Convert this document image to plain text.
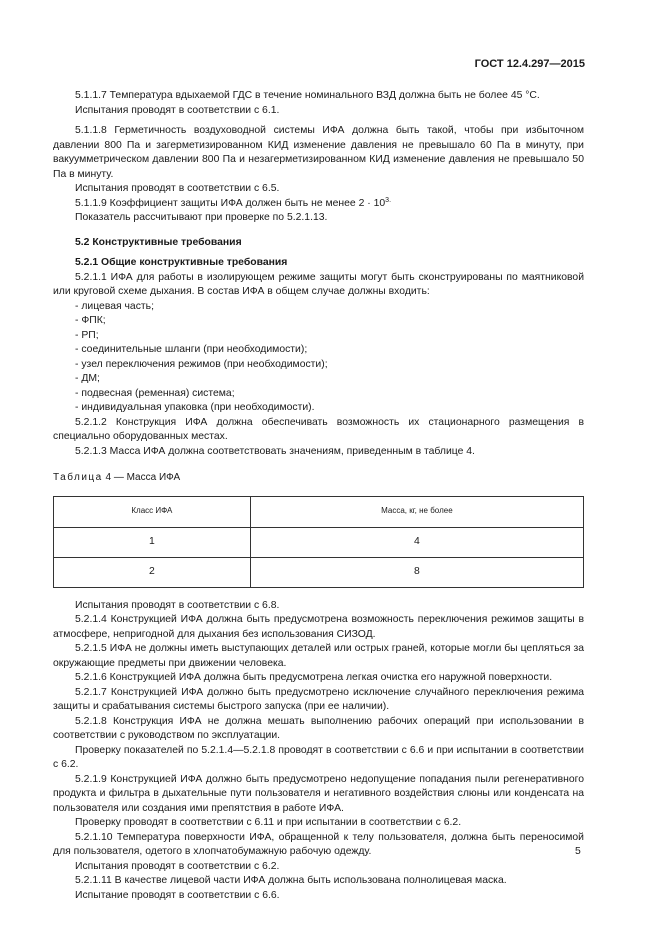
ГОСТ 12.4.297—2015

5.1.1.7 Температура вдыхаемой ГДС в течение номинального ВЗД должна быть не более 45 °С.

Испытания проводят в соответствии с 6.1.

5.1.1.8 Герметичность воздуховодной системы ИФА должна быть такой, чтобы при избыточном давлении 800 Па и загерметизированном КИД изменение давления не превышало 60 Па в минуту, при вакуумметрическом давлении 800 Па и незагерметизированном КИД изменение давления не превышало 50 Па в минуту.

Испытания проводят в соответствии с 6.5.

5.1.1.9 Коэффициент защиты ИФА должен быть не менее $2 \cdot 10^{3.}$

Показатель рассчитывают при проверке по 5.2.1.13.

5.2 Конструктивные требования

5.2.1 Общие конструктивные требования

5.2.1.1 ИФА для работы в изолирующем режиме защиты могут быть сконструированы по маятниковой или круговой схеме дыхания. В состав ИФА в общем случае должны входить:

- лицевая часть;

- ФПК;

- РП;

- соединительные шланги (при необходимости);

- узел переключения режимов (при необходимости);

- ДМ;

- подвесная (ременная) система;

- индивидуальная упаковка (при необходимости).

5.2.1.2 Конструкция ИФА должна обеспечивать возможность их стационарного размещения в специально оборудованных местах.

5.2.1.3 Масса ИФА должна соответствовать значениям, приведенным в таблице 4.

Таблица 4 — Масса ИФА
Класс ИФА	Масса, кг, не более
1	4
2	8

Испытания проводят в соответствии с 6.8.

5.2.1.4 Конструкцией ИФА должна быть предусмотрена возможность переключения режимов защиты в атмосфере, непригодной для дыхания без использования СИЗОД.

5.2.1.5 ИФА не должны иметь выступающих деталей или острых граней, которые могли бы цепляться за окружающие предметы при движении человека.

5.2.1.6 Конструкцией ИФА должна быть предусмотрена легкая очистка его наружной поверхности.

5.2.1.7 Конструкцией ИФА должно быть предусмотрено исключение случайного переключения режима защиты и срабатывания системы быстрого запуска (при ее наличии).

5.2.1.8 Конструкция ИФА не должна мешать выполнению рабочих операций при использовании в соответствии с руководством по эксплуатации.

Проверку показателей по 5.2.1.4—5.2.1.8 проводят в соответствии с 6.6 и при испытании в соответствии с 6.2.

5.2.1.9 Конструкцией ИФА должно быть предусмотрено недопущение попадания пыли регенеративного продукта и фильтра в дыхательные пути пользователя и негативного воздействия слюны или конденсата на пользователя или создания ими препятствия в работе ИФА.

Проверку проводят в соответствии с 6.11 и при испытании в соответствии с 6.2.

5.2.1.10 Температура поверхности ИФА, обращенной к телу пользователя, должна быть переносимой для пользователя, одетого в хлопчатобумажную рабочую одежду.

Испытания проводят в соответствии с 6.2.

5.2.1.11 В качестве лицевой части ИФА должна быть использована полнолицевая маска.

Испытание проводят в соответствии с 6.6.

5
